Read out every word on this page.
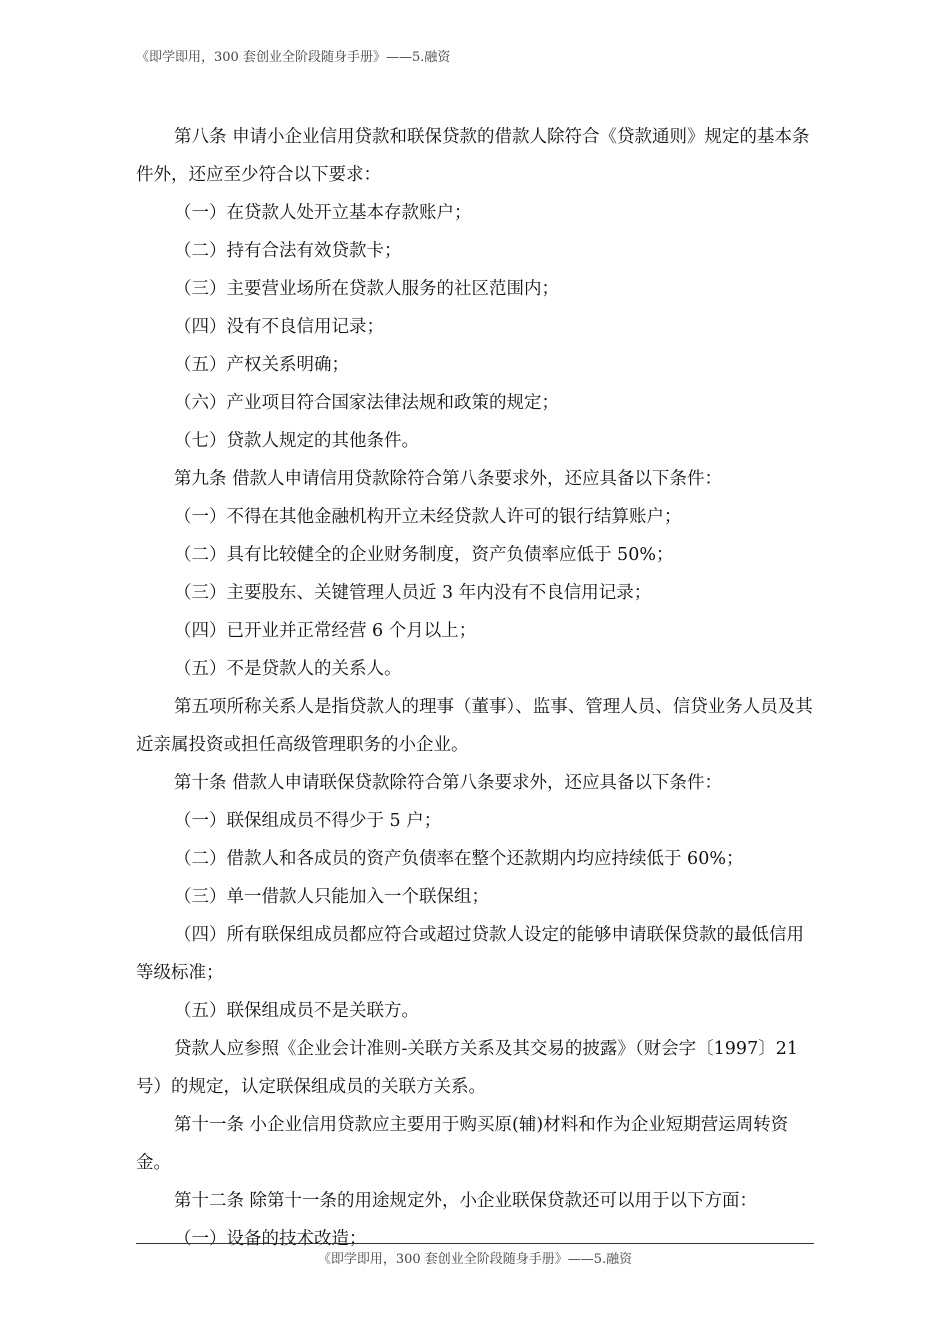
《即学即用，300 套创业全阶段随身手册》——5.融资

第八条 申请小企业信用贷款和联保贷款的借款人除符合《贷款通则》规定的基本条件外，还应至少符合以下要求：

（一）在贷款人处开立基本存款账户；

（二）持有合法有效贷款卡；

（三）主要营业场所在贷款人服务的社区范围内；

（四）没有不良信用记录；

（五）产权关系明确；

（六）产业项目符合国家法律法规和政策的规定；

（七）贷款人规定的其他条件。

第九条 借款人申请信用贷款除符合第八条要求外，还应具备以下条件：

（一）不得在其他金融机构开立未经贷款人许可的银行结算账户；

（二）具有比较健全的企业财务制度，资产负债率应低于 50%；

（三）主要股东、关键管理人员近 3 年内没有不良信用记录；

（四）已开业并正常经营 6 个月以上；

（五）不是贷款人的关系人。

第五项所称关系人是指贷款人的理事（董事）、监事、管理人员、信贷业务人员及其近亲属投资或担任高级管理职务的小企业。

第十条 借款人申请联保贷款除符合第八条要求外，还应具备以下条件：

（一）联保组成员不得少于 5 户；

（二）借款人和各成员的资产负债率在整个还款期内均应持续低于 60%；

（三）单一借款人只能加入一个联保组；

（四）所有联保组成员都应符合或超过贷款人设定的能够申请联保贷款的最低信用等级标准；

（五）联保组成员不是关联方。

贷款人应参照《企业会计准则-关联方关系及其交易的披露》（财会字〔1997〕21 号）的规定，认定联保组成员的关联方关系。

第十一条 小企业信用贷款应主要用于购买原(辅)材料和作为企业短期营运周转资金。

第十二条 除第十一条的用途规定外，小企业联保贷款还可以用于以下方面：

（一）设备的技术改造；

《即学即用，300 套创业全阶段随身手册》——5.融资
